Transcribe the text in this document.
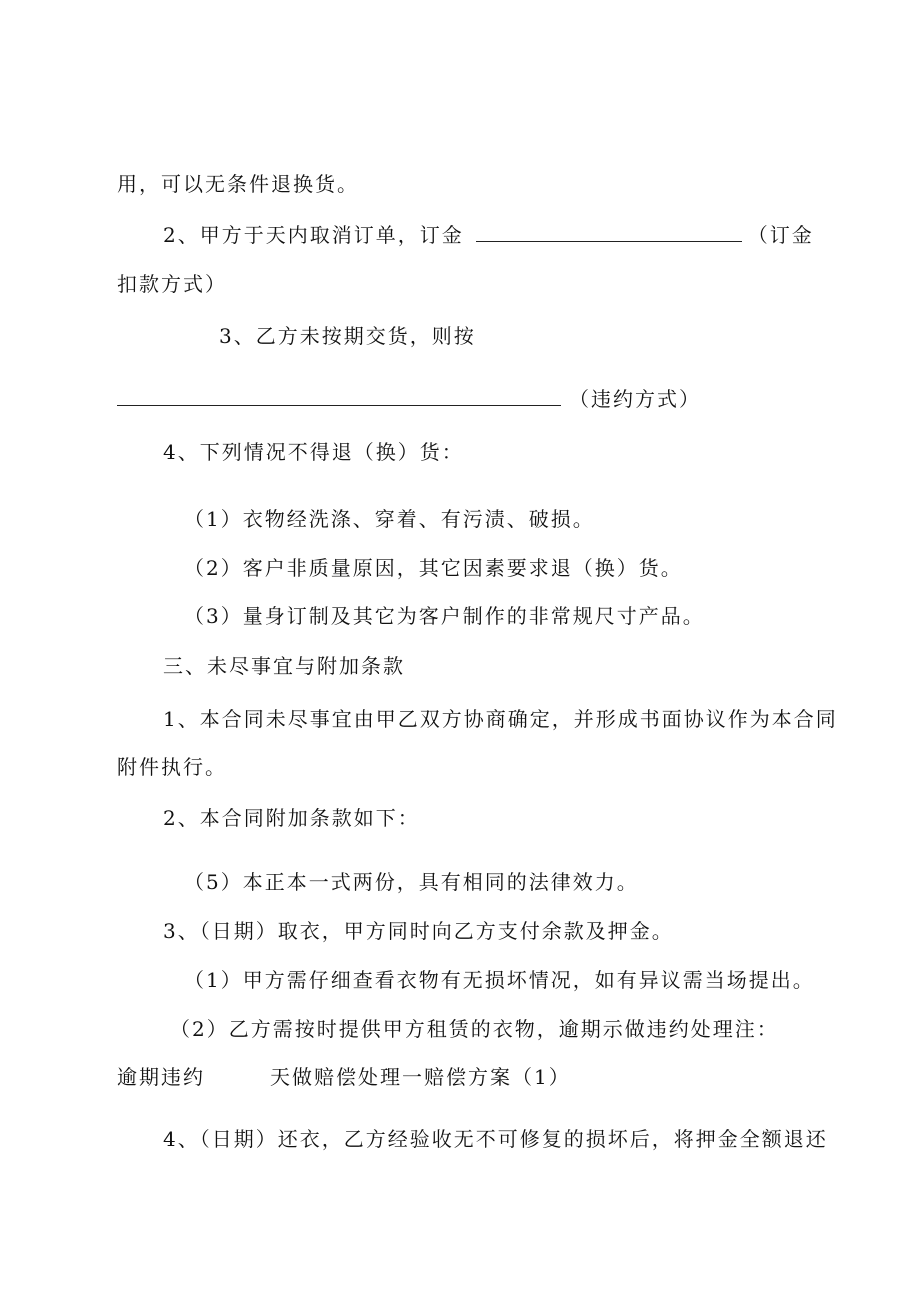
用，可以无条件退换货。
2、甲方于天内取消订单，订金	（订金
扣款方式）
3、乙方未按期交货，则按
（违约方式）
4、下列情况不得退（换）货：
（1）衣物经洗涤、穿着、有污渍、破损。
（2）客户非质量原因，其它因素要求退（换）货。
（3）量身订制及其它为客户制作的非常规尺寸产品。
三、未尽事宜与附加条款
1、本合同未尽事宜由甲乙双方协商确定，并形成书面协议作为本合同
附件执行。
2、本合同附加条款如下：
（5）本正本一式两份，具有相同的法律效力。
3、（日期）取衣，甲方同时向乙方支付余款及押金。
（1）甲方需仔细查看衣物有无损坏情况，如有异议需当场提出。
（2）乙方需按时提供甲方租赁的衣物，逾期示做违约处理注：
逾期违约	天做赔偿处理一赔偿方案（1）
4、（日期）还衣，乙方经验收无不可修复的损坏后，将押金全额退还
